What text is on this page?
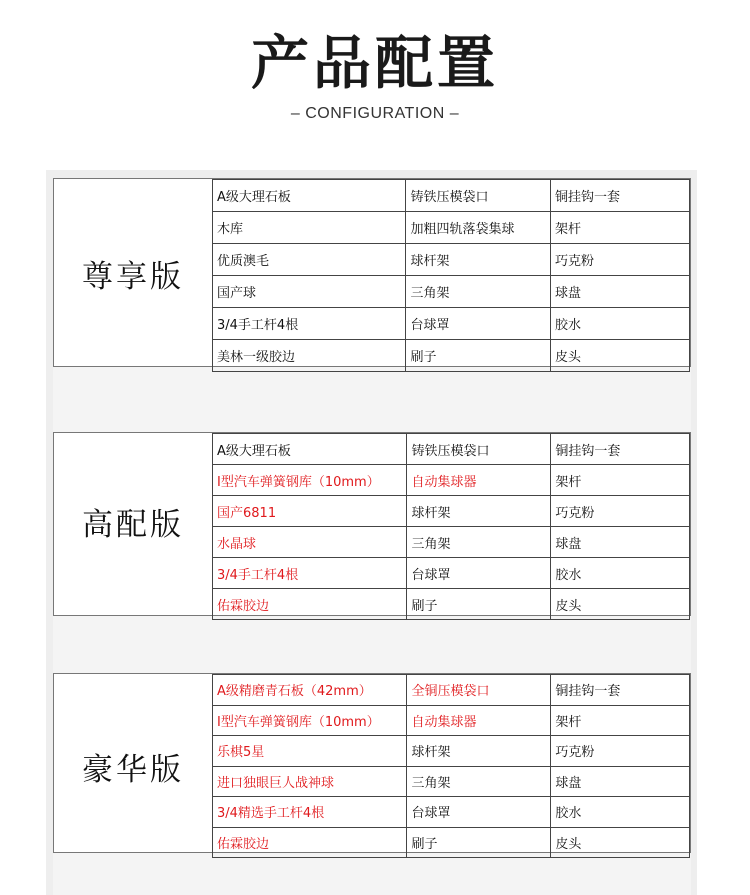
产品配置
– CONFIGURATION –
尊享版
A级大理石板	铸铁压模袋口	铜挂钩一套
木库	加粗四轨落袋集球	架杆
优质澳毛	球杆架	巧克粉
国产球	三角架	球盘
3/4手工杆4根	台球罩	胶水
美林一级胶边	刷子	皮头
高配版
A级大理石板	铸铁压模袋口	铜挂钩一套
I型汽车弹簧钢库（10mm）	自动集球器	架杆
国产6811	球杆架	巧克粉
水晶球	三角架	球盘
3/4手工杆4根	台球罩	胶水
佑霖胶边	刷子	皮头
豪华版
A级精磨青石板（42mm）	全铜压模袋口	铜挂钩一套
I型汽车弹簧钢库（10mm）	自动集球器	架杆
乐棋5星	球杆架	巧克粉
进口独眼巨人战神球	三角架	球盘
3/4精选手工杆4根	台球罩	胶水
佑霖胶边	刷子	皮头
